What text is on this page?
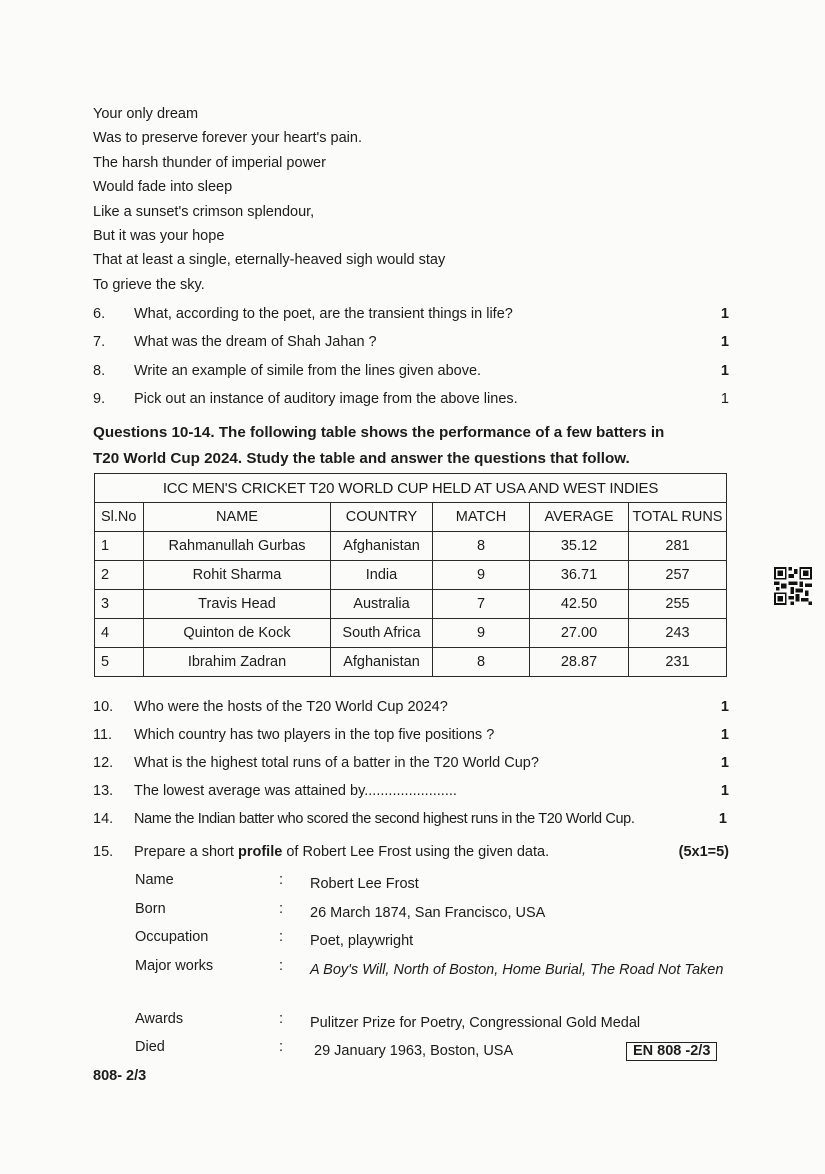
Your only dream
Was to preserve forever your heart's pain.
The harsh thunder of imperial power
Would fade into sleep
Like a sunset's crimson splendour,
But it was your hope
That at least a single, eternally-heaved sigh would stay
To grieve the sky.
6. What, according to the poet, are the transient things in life?	1
7. What was the dream of Shah Jahan ?	1
8. Write an example of simile from the lines given above.	1
9. Pick out an instance of auditory image from the above lines.	1
Questions 10-14. The following table shows the performance of a few batters in
T20 World Cup 2024. Study the table and answer the questions that follow.
ICC MEN'S CRICKET T20 WORLD CUP HELD AT USA AND WEST INDIES					
Sl.No	NAME	COUNTRY	MATCH	AVERAGE	TOTAL RUNS
1	Rahmanullah Gurbas	Afghanistan	8	35.12	281
2	Rohit Sharma	India	9	36.71	257
3	Travis Head	Australia	7	42.50	255
4	Quinton de Kock	South Africa	9	27.00	243
5	Ibrahim Zadran	Afghanistan	8	28.87	231
10. Who were the hosts of the T20 World Cup 2024?	1
11. Which country has two players in the top five positions ?	1
12. What is the highest total runs of a batter in the T20 World Cup?	1
13. The lowest average was attained by.......................	1
14. Name the Indian batter who scored the second highest runs in the T20 World Cup.	1
15. Prepare a short profile of Robert Lee Frost using the given data.	(5x1=5)
Name	: Robert Lee Frost
Born	: 26 March 1874, San Francisco, USA
Occupation	: Poet, playwright
Major works	: A Boy's Will, North of Boston, Home Burial, The Road Not Taken
Awards	: Pulitzer Prize for Poetry, Congressional Gold Medal
Died	: 29 January 1963, Boston, USA	EN 808 -2/3
808- 2/3
